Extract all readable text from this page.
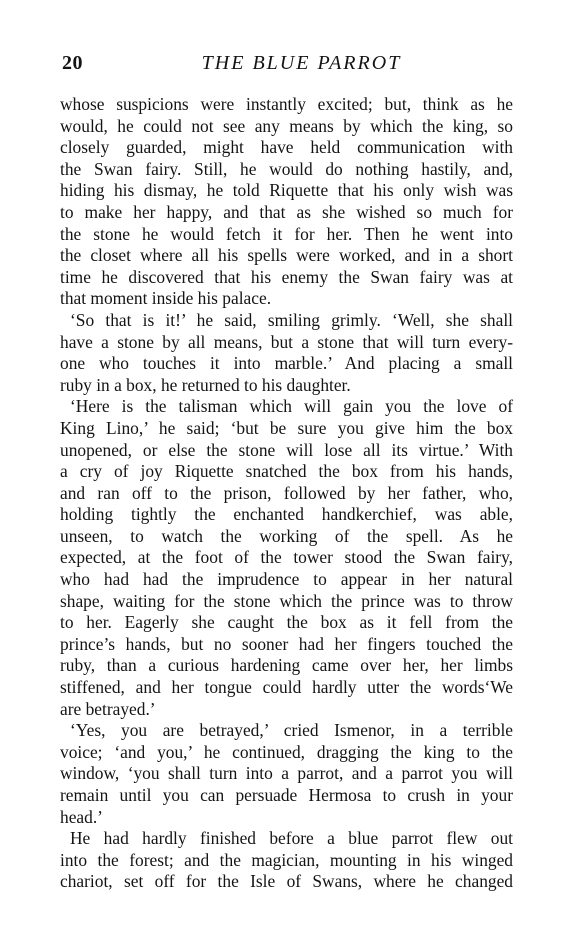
20	THE BLUE PARROT
whose suspicions were instantly excited; but, think as he
would, he could not see any means by which the king, so
closely guarded, might have held communication with
the Swan fairy. Still, he would do nothing hastily, and,
hiding his dismay, he told Riquette that his only wish was
to make her happy, and that as she wished so much for
the stone he would fetch it for her. Then he went into
the closet where all his spells were worked, and in a short
time he discovered that his enemy the Swan fairy was at
that moment inside his palace.
‘So that is it!’ he said, smiling grimly. ‘Well, she shall
have a stone by all means, but a stone that will turn every-
one who touches it into marble.’ And placing a small
ruby in a box, he returned to his daughter.
‘Here is the talisman which will gain you the love of
King Lino,’ he said; ‘but be sure you give him the box
unopened, or else the stone will lose all its virtue.’ With
a cry of joy Riquette snatched the box from his hands,
and ran off to the prison, followed by her father, who,
holding tightly the enchanted handkerchief, was able,
unseen, to watch the working of the spell. As he
expected, at the foot of the tower stood the Swan fairy,
who had had the imprudence to appear in her natural
shape, waiting for the stone which the prince was to throw
to her. Eagerly she caught the box as it fell from the
prince’s hands, but no sooner had her fingers touched the
ruby, than a curious hardening came over her, her limbs
stiffened, and her tongue could hardly utter the words‘We
are betrayed.’
‘Yes, you are betrayed,’ cried Ismenor, in a terrible
voice; ‘and you,’ he continued, dragging the king to the
window, ‘you shall turn into a parrot, and a parrot you will
remain until you can persuade Hermosa to crush in your
head.’
He had hardly finished before a blue parrot flew out
into the forest; and the magician, mounting in his winged
chariot, set off for the Isle of Swans, where he changed
